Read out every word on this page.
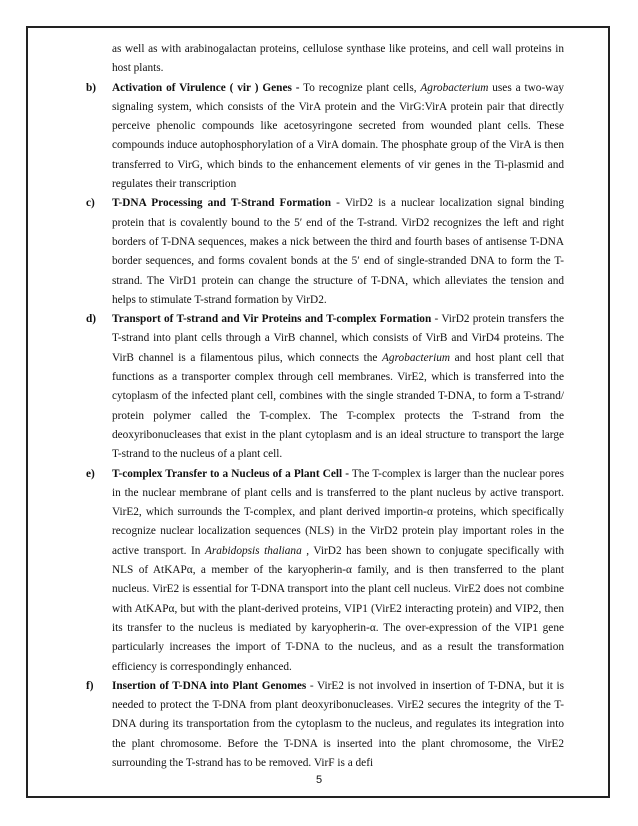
as well as with arabinogalactan proteins, cellulose synthase like proteins, and cell wall proteins in host plants.

b) Activation of Virulence ( vir ) Genes - To recognize plant cells, Agrobacterium uses a two-way signaling system, which consists of the VirA protein and the VirG:VirA protein pair that directly perceive phenolic compounds like acetosyringone secreted from wounded plant cells. These compounds induce autophosphorylation of a VirA domain. The phosphate group of the VirA is then transferred to VirG, which binds to the enhancement elements of vir genes in the Ti-plasmid and regulates their transcription
c) T-DNA Processing and T-Strand Formation - VirD2 is a nuclear localization signal binding protein that is covalently bound to the 5′ end of the T-strand. VirD2 recognizes the left and right borders of T-DNA sequences, makes a nick between the third and fourth bases of antisense T-DNA border sequences, and forms covalent bonds at the 5′ end of single-stranded DNA to form the T-strand. The VirD1 protein can change the structure of T-DNA, which alleviates the tension and helps to stimulate T-strand formation by VirD2.
d) Transport of T-strand and Vir Proteins and T-complex Formation - VirD2 protein transfers the T-strand into plant cells through a VirB channel, which consists of VirB and VirD4 proteins. The VirB channel is a filamentous pilus, which connects the Agrobacterium and host plant cell that functions as a transporter complex through cell membranes. VirE2, which is transferred into the cytoplasm of the infected plant cell, combines with the single stranded T-DNA, to form a T-strand/ protein polymer called the T-complex. The T-complex protects the T-strand from the deoxyribonucleases that exist in the plant cytoplasm and is an ideal structure to transport the large T-strand to the nucleus of a plant cell.
e) T-complex Transfer to a Nucleus of a Plant Cell - The T-complex is larger than the nuclear pores in the nuclear membrane of plant cells and is transferred to the plant nucleus by active transport. VirE2, which surrounds the T-complex, and plant derived importin-α proteins, which specifically recognize nuclear localization sequences (NLS) in the VirD2 protein play important roles in the active transport. In Arabidopsis thaliana , VirD2 has been shown to conjugate specifically with NLS of AtKAPα, a member of the karyopherin-α family, and is then transferred to the plant nucleus. VirE2 is essential for T-DNA transport into the plant cell nucleus. VirE2 does not combine with AtKAPα, but with the plant-derived proteins, VIP1 (VirE2 interacting protein) and VIP2, then its transfer to the nucleus is mediated by karyopherin-α. The over-expression of the VIP1 gene particularly increases the import of T-DNA to the nucleus, and as a result the transformation efficiency is correspondingly enhanced.
f) Insertion of T-DNA into Plant Genomes - VirE2 is not involved in insertion of T-DNA, but it is needed to protect the T-DNA from plant deoxyribonucleases. VirE2 secures the integrity of the T-DNA during its transportation from the cytoplasm to the nucleus, and regulates its integration into the plant chromosome. Before the T-DNA is inserted into the plant chromosome, the VirE2 surrounding the T-strand has to be removed. VirF is a defi
5
